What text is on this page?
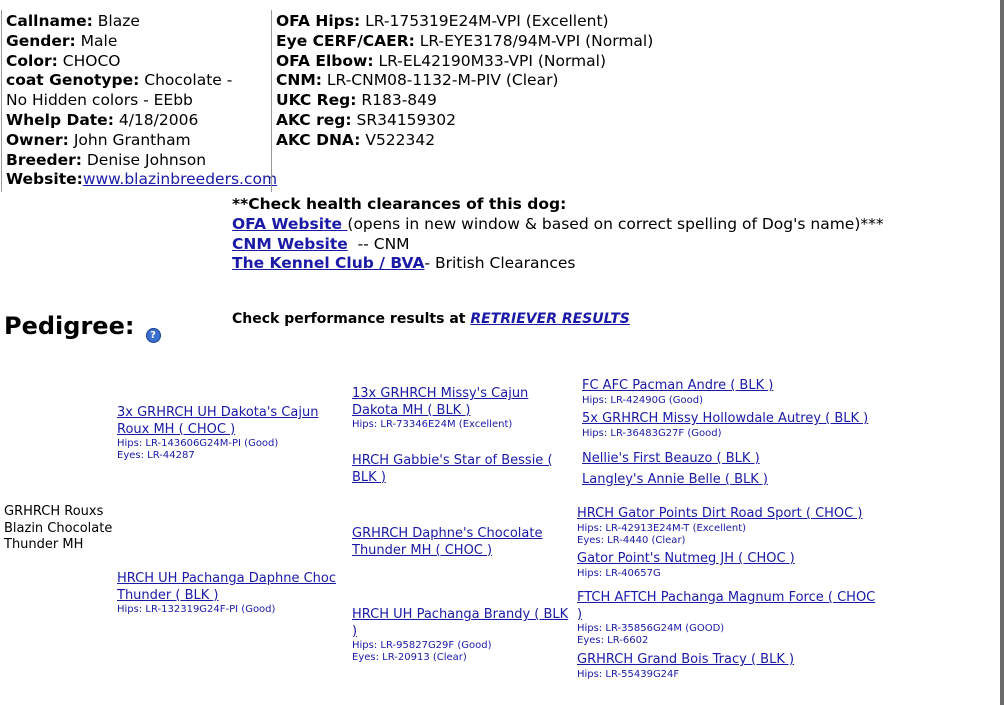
Callname: Blaze
Gender: Male
Color: CHOCO
coat Genotype: Chocolate - No Hidden colors - EEbb
Whelp Date: 4/18/2006
Owner: John Grantham
Breeder: Denise Johnson
Website:www.blazinbreeders.com
OFA Hips: LR-175319E24M-VPI (Excellent)
Eye CERF/CAER: LR-EYE3178/94M-VPI (Normal)
OFA Elbow: LR-EL42190M33-VPI (Normal)
CNM: LR-CNM08-1132-M-PIV (Clear)
UKC Reg: R183-849
AKC reg: SR34159302
AKC DNA: V522342
**Check health clearances of this dog:
OFA Website (opens in new window & based on correct spelling of Dog's name)***
CNM Website -- CNM
The Kennel Club / BVA- British Clearances
Check performance results at RETRIEVER RESULTS
Pedigree: ?
GRHRCH Rouxs Blazin Chocolate Thunder MH
3x GRHRCH UH Dakota's Cajun Roux MH ( CHOC )
Hips: LR-143606G24M-PI (Good)
Eyes: LR-44287
HRCH UH Pachanga Daphne Choc Thunder ( BLK )
Hips: LR-132319G24F-PI (Good)
13x GRHRCH Missy's Cajun Dakota MH ( BLK )
Hips: LR-73346E24M (Excellent)
HRCH Gabbie's Star of Bessie ( BLK )
GRHRCH Daphne's Chocolate Thunder MH ( CHOC )
HRCH UH Pachanga Brandy ( BLK )
Hips: LR-95827G29F (Good)
Eyes: LR-20913 (Clear)
FC AFC Pacman Andre ( BLK )
Hips: LR-42490G (Good)
5x GRHRCH Missy Hollowdale Autrey ( BLK )
Hips: LR-36483G27F (Good)
Nellie's First Beauzo ( BLK )
Langley's Annie Belle ( BLK )
HRCH Gator Points Dirt Road Sport ( CHOC )
Hips: LR-42913E24M-T (Excellent)
Eyes: LR-4440 (Clear)
Gator Point's Nutmeg JH ( CHOC )
Hips: LR-40657G
FTCH AFTCH Pachanga Magnum Force ( CHOC )
Hips: LR-35856G24M (GOOD)
Eyes: LR-6602
GRHRCH Grand Bois Tracy ( BLK )
Hips: LR-55439G24F
